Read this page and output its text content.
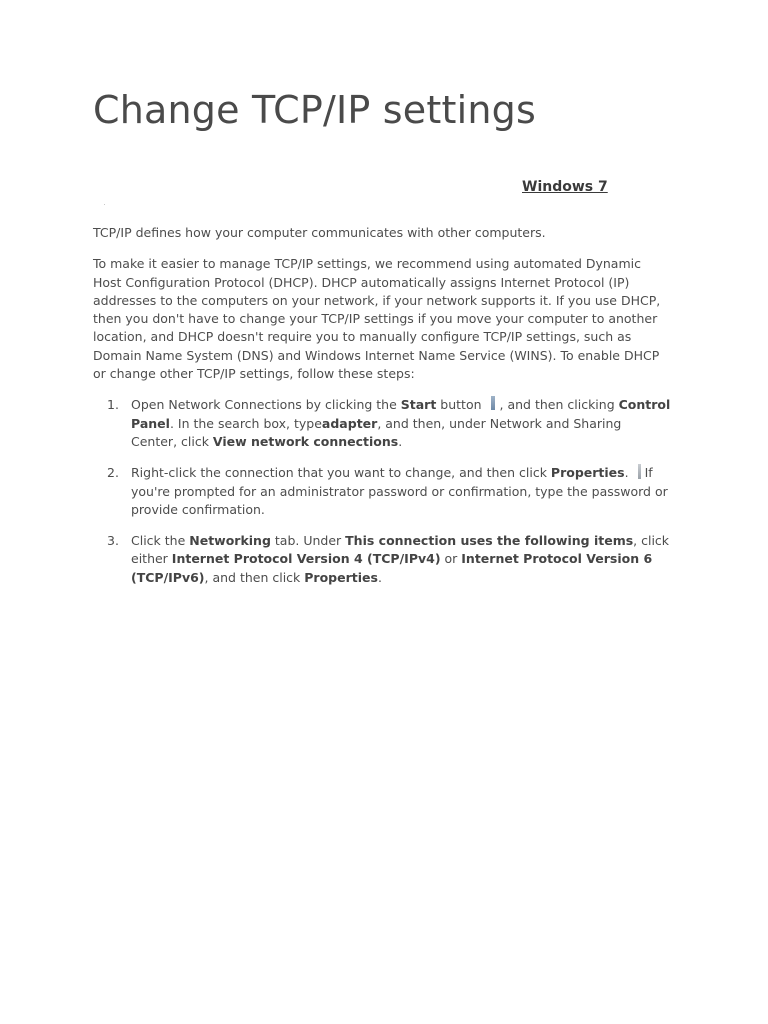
Change TCP/IP settings
Windows 7

TCP/IP defines how your computer communicates with other computers.

To make it easier to manage TCP/IP settings, we recommend using automated Dynamic Host Configuration Protocol (DHCP). DHCP automatically assigns Internet Protocol (IP) addresses to the computers on your network, if your network supports it. If you use DHCP, then you don't have to change your TCP/IP settings if you move your computer to another location, and DHCP doesn't require you to manually configure TCP/IP settings, such as Domain Name System (DNS) and Windows Internet Name Service (WINS). To enable DHCP or change other TCP/IP settings, follow these steps:

1. Open Network Connections by clicking the Start button , and then clicking Control Panel. In the search box, typeadapter, and then, under Network and Sharing Center, click View network connections.
2. Right-click the connection that you want to change, and then click Properties. If you're prompted for an administrator password or confirmation, type the password or provide confirmation.
3. Click the Networking tab. Under This connection uses the following items, click either Internet Protocol Version 4 (TCP/IPv4) or Internet Protocol Version 6 (TCP/IPv6), and then click Properties.
